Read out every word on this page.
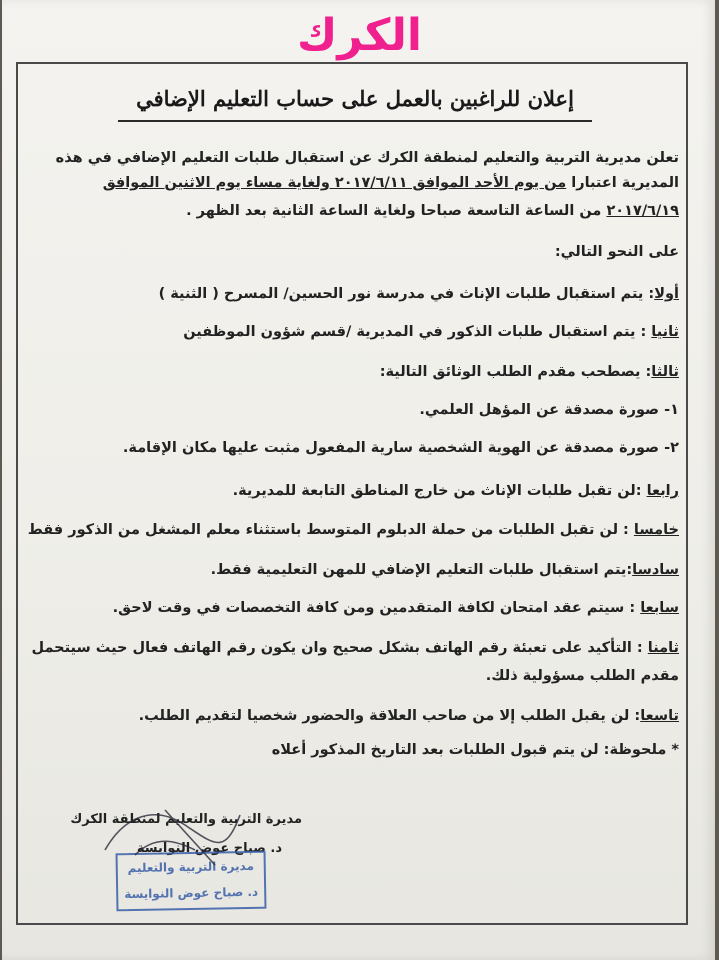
الكرك
إعلان للراغبين بالعمل على حساب التعليم الإضافي
تعلن مديرية التربية والتعليم لمنطقة الكرك عن استقبال طلبات التعليم الإضافي في هذه
المديرية اعتبارا من يوم الأحد الموافق ٢٠١٧/٦/١١ ولغاية مساء يوم الاثنين الموافق
٢٠١٧/٦/١٩ من الساعة التاسعة صباحا ولغاية الساعة الثانية بعد الظهر .
على النحو التالي:
أولا: يتم استقبال طلبات الإناث في مدرسة نور الحسين/ المسرح ( الثنية )
ثانيا : يتم استقبال طلبات الذكور في المديرية /قسم شؤون الموظفين
ثالثا: يصطحب مقدم الطلب الوثائق التالية:
١- صورة مصدقة عن المؤهل العلمي.
٢- صورة مصدقة عن الهوية الشخصية سارية المفعول مثبت عليها مكان الإقامة.
رابعا :لن تقبل طلبات الإناث من خارج المناطق التابعة للمديرية.
خامسا : لن تقبل الطلبات من حملة الدبلوم المتوسط باستثناء معلم المشغل من الذكور فقط
سادسا:يتم استقبال طلبات التعليم الإضافي للمهن التعليمية فقط.
سابعا : سيتم عقد امتحان لكافة المتقدمين ومن كافة التخصصات في وقت لاحق.
ثامنا : التأكيد على تعبئة رقم الهاتف بشكل صحيح وان يكون رقم الهاتف فعال حيث سيتحمل
مقدم الطلب مسؤولية ذلك.
تاسعا: لن يقبل الطلب إلا من صاحب العلاقة والحضور شخصيا لتقديم الطلب.
* ملحوظة: لن يتم قبول الطلبات بعد التاريخ المذكور أعلاه
مديرة التربية والتعليم لمنطقة الكرك
د. صباح عوض النوايسة
مديرة التربية والتعليم
د. صباح عوض النوايسة
